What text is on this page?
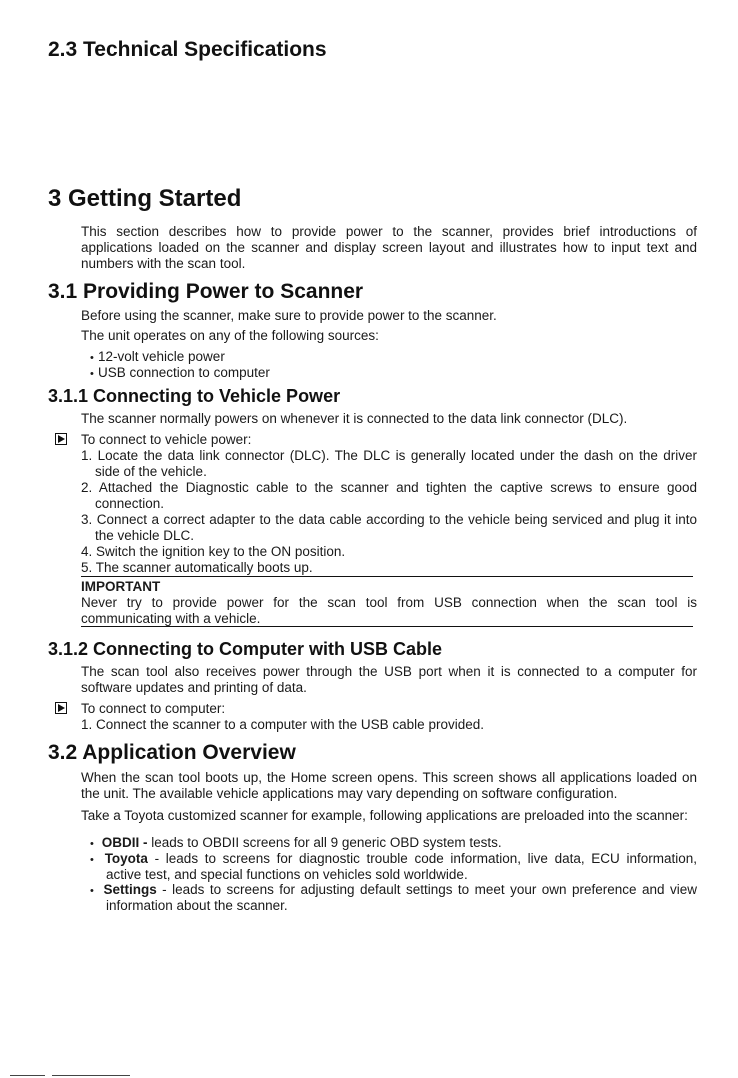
2.3 Technical Specifications
3 Getting Started
This section describes how to provide power to the scanner, provides brief introductions of
applications loaded on the scanner and display screen layout and illustrates how to input text and
numbers with the scan tool.
3.1 Providing Power to Scanner
Before using the scanner, make sure to provide power to the scanner.
The unit operates on any of the following sources:
• 12-volt vehicle power
• USB connection to computer
3.1.1 Connecting to Vehicle Power
The scanner normally powers on whenever it is connected to the data link connector (DLC).
To connect to vehicle power:
1. Locate the data link connector (DLC). The DLC is generally located under the dash on the driver
side of the vehicle.
2. Attached the Diagnostic cable to the scanner and tighten the captive screws to ensure good
connection.
3. Connect a correct adapter to the data cable according to the vehicle being serviced and plug it into
the vehicle DLC.
4. Switch the ignition key to the ON position.
5. The scanner automatically boots up.
IMPORTANT
Never try to provide power for the scan tool from USB connection when the scan tool is
communicating with a vehicle.
3.1.2 Connecting to Computer with USB Cable
The scan tool also receives power through the USB port when it is connected to a computer for
software updates and printing of data.
To connect to computer:
1. Connect the scanner to a computer with the USB cable provided.
3.2 Application Overview
When the scan tool boots up, the Home screen opens. This screen shows all applications loaded on
the unit. The available vehicle applications may vary depending on software configuration.
Take a Toyota customized scanner for example, following applications are preloaded into the scanner:
• OBDII - leads to OBDII screens for all 9 generic OBD system tests.
• Toyota - leads to screens for diagnostic trouble code information, live data, ECU information,
active test, and special functions on vehicles sold worldwide.
• Settings - leads to screens for adjusting default settings to meet your own preference and view
information about the scanner.
